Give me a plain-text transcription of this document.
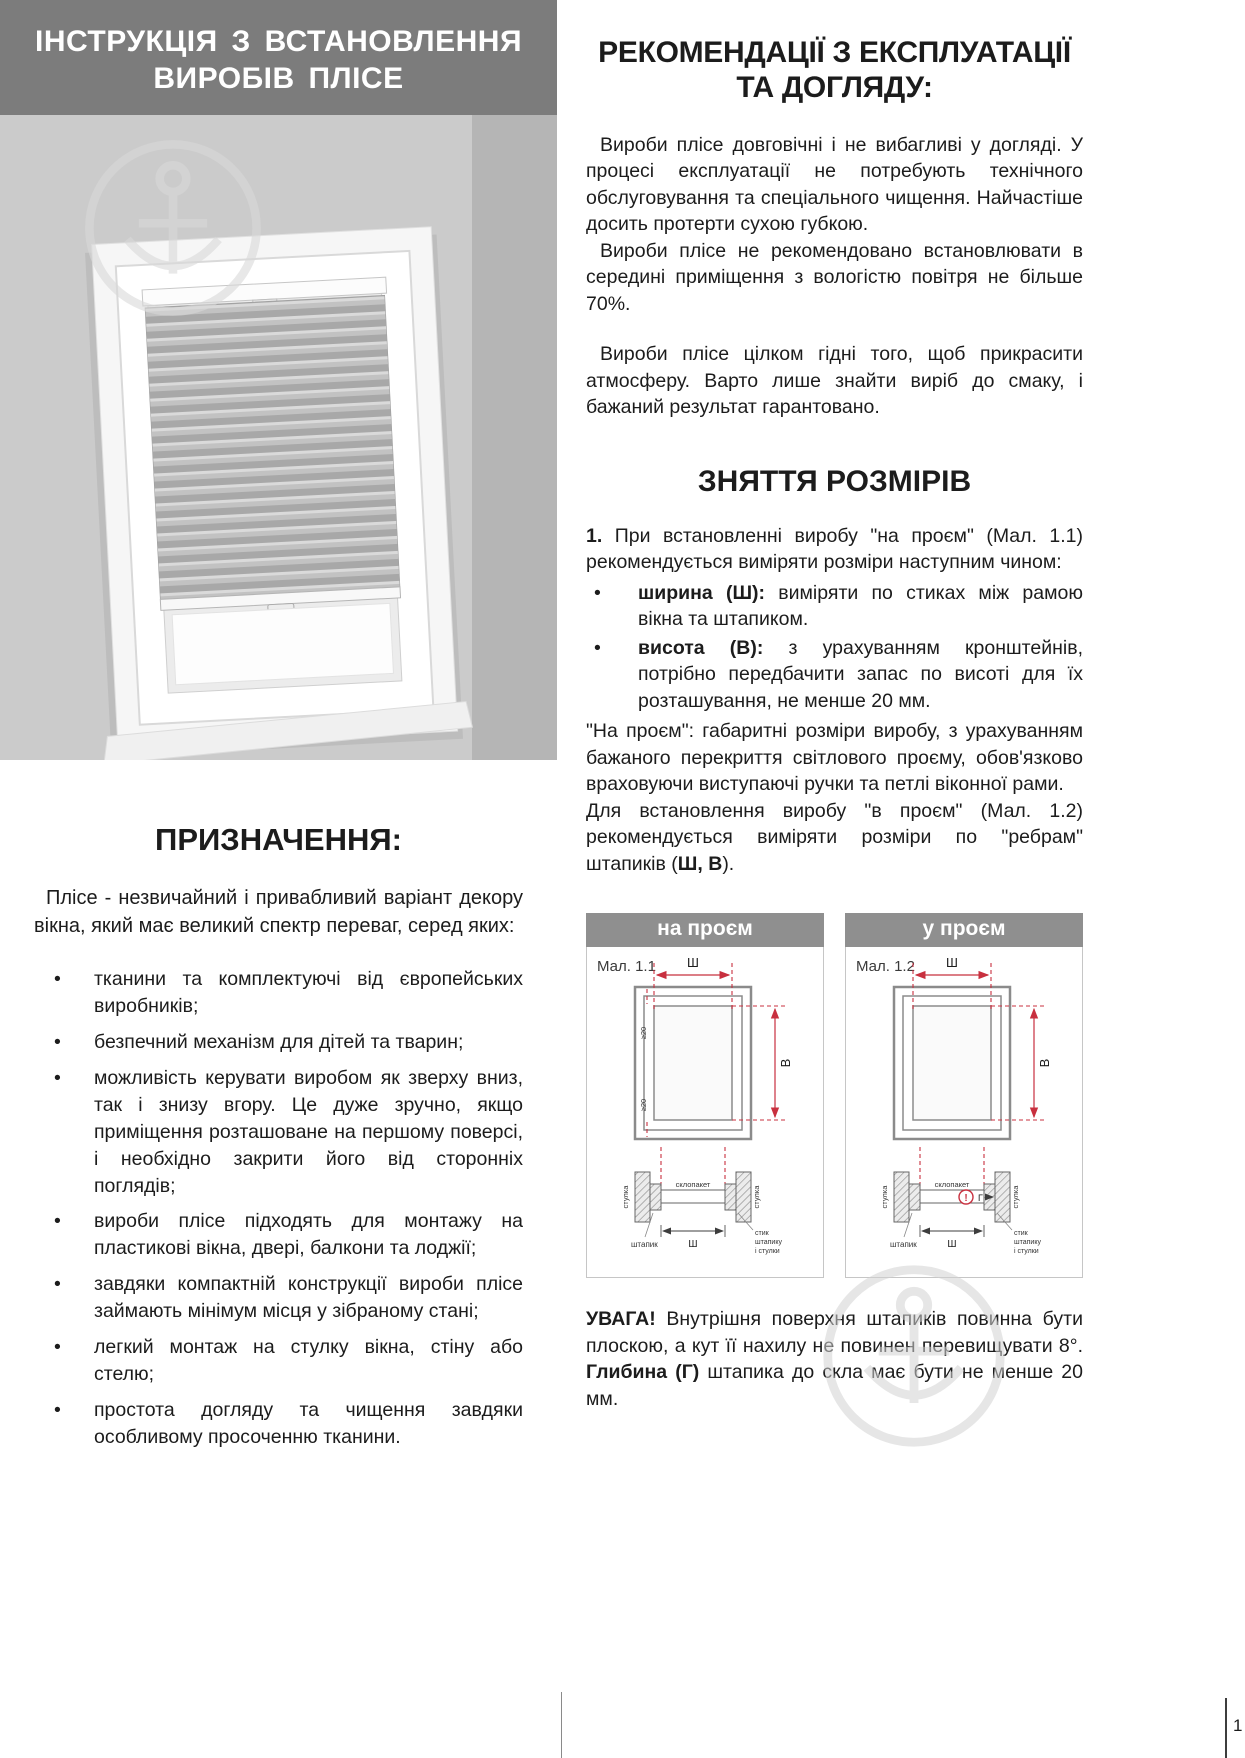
ІНСТРУКЦІЯ З ВСТАНОВЛЕННЯ
ВИРОБІВ ПЛІСЕ
ПРИЗНАЧЕННЯ:

Плісе - незвичайний і привабливий варіант декору вікна, який має великий спектр переваг, серед яких:

• тканини та комплектуючі від європейських виробників;
• безпечний механізм для дітей та тварин;
• можливість керувати виробом як зверху вниз, так і знизу вгору. Це дуже зручно, якщо приміщення розташоване на першому поверсі, і необхідно закрити його від сторонніх поглядів;
• вироби плісе підходять для монтажу на пластикові вікна, двері, балкони та лоджії;
• завдяки компактній конструкції вироби плісе займають мінімум місця у зібраному стані;
• легкий монтаж на стулку вікна, стіну або стелю;
• простота догляду та чищення завдяки особливому просоченню тканини.
РЕКОМЕНДАЦІЇ З ЕКСПЛУАТАЦІЇ
ТА ДОГЛЯДУ:

Вироби плісе довговічні і не вибагливі у догляді. У процесі експлуатації не потребують технічного обслуговування та спеціального чищення. Найчастіше досить протерти сухою губкою.

Вироби плісе не рекомендовано встановлювати в середині приміщення з вологістю повітря не більше 70%.

Вироби плісе цілком гідні того, щоб прикрасити атмосферу. Варто лише знайти виріб до смаку, і бажаний результат гарантовано.

ЗНЯТТЯ РОЗМІРІВ

1. При встановленні виробу "на проєм" (Мал. 1.1) рекомендується виміряти розміри наступним чином:

• ширина (Ш): виміряти по стиках між рамою вікна та штапиком.
• висота (В): з урахуванням кронштейнів, потрібно передбачити запас по висоті для їх розташування, не менше 20 мм.

"На проєм": габаритні розміри виробу, з урахуванням бажаного перекриття світлового проєму, обов'язково враховуючи виступаючі ручки та петлі віконної рами.

Для встановлення виробу "в проєм" (Мал. 1.2) рекомендується виміряти розміри по "ребрам" штапиків (Ш, В).

на проєм
Мал. 1.1 Ш
В
≥20
≥20
склопакет
стулка	стулка
штапик	Ш
стик
штапику
і стулки
у проєм
Мал. 1.2 Ш
В
склопакет
стулка	стулка
! Г
штапик	Ш
стик
штапику
і стулки

УВАГА! Внутрішня поверхня штапиків повинна бути плоскою, а кут її нахилу не повинен перевищувати 8°. Глибина (Г) штапика до скла має бути не менше 20 мм.

1
